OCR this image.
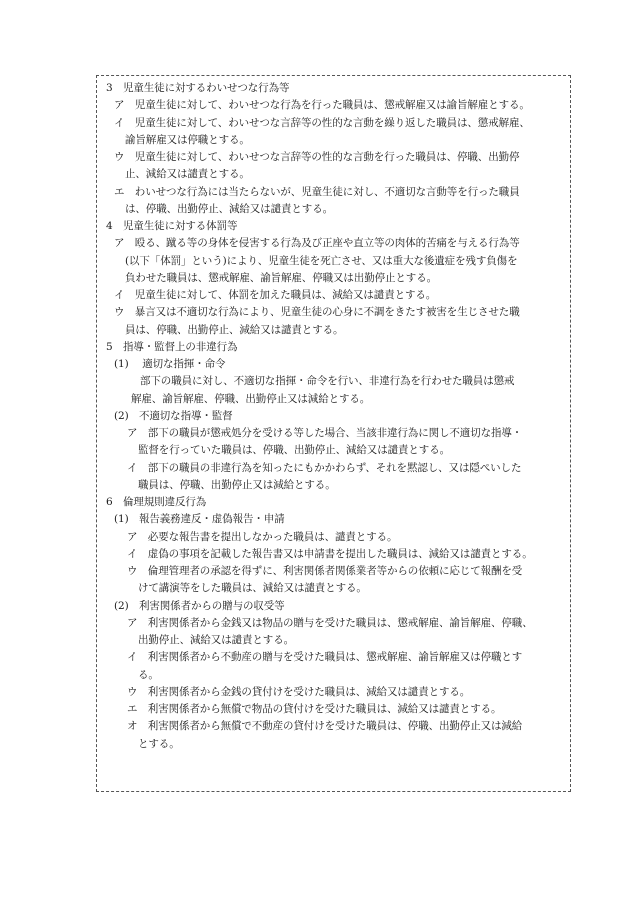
3　児童生徒に対するわいせつな行為等
ア　児童生徒に対して、わいせつな行為を行った職員は、懲戒解雇又は諭旨解雇とする。
イ　児童生徒に対して、わいせつな言辞等の性的な言動を繰り返した職員は、懲戒解雇、
諭旨解雇又は停職とする。
ウ　児童生徒に対して、わいせつな言辞等の性的な言動を行った職員は、停職、出勤停
止、減給又は譴責とする。
エ　わいせつな行為には当たらないが、児童生徒に対し、不適切な言動等を行った職員
は、停職、出勤停止、減給又は譴責とする。
4　児童生徒に対する体罰等
ア　殴る、蹴る等の身体を侵害する行為及び正座や直立等の肉体的苦痛を与える行為等
(以下「体罰」という)により、児童生徒を死亡させ、又は重大な後遺症を残す負傷を
負わせた職員は、懲戒解雇、諭旨解雇、停職又は出勤停止とする。
イ　児童生徒に対して、体罰を加えた職員は、減給又は譴責とする。
ウ　暴言又は不適切な行為により、児童生徒の心身に不調をきたす被害を生じさせた職
員は、停職、出勤停止、減給又は譴責とする。
5　指導・監督上の非違行為
(1)　 適切な指揮・命令
部下の職員に対し、不適切な指揮・命令を行い、非違行為を行わせた職員は懲戒
解雇、諭旨解雇、停職、出勤停止又は減給とする。
(2)　不適切な指導・監督
ア　部下の職員が懲戒処分を受ける等した場合、当該非違行為に関し不適切な指導・
監督を行っていた職員は、停職、出勤停止、減給又は譴責とする。
イ　部下の職員の非違行為を知ったにもかかわらず、それを黙認し、又は隠ぺいした
職員は、停職、出勤停止又は減給とする。
6　倫理規則違反行為
(1)　報告義務違反・虚偽報告・申請
ア　必要な報告書を提出しなかった職員は、譴責とする。
イ　虚偽の事項を記載した報告書又は申請書を提出した職員は、減給又は譴責とする。
ウ　倫理管理者の承認を得ずに、利害関係者関係業者等からの依頼に応じて報酬を受
けて講演等をした職員は、減給又は譴責とする。
(2)　利害関係者からの贈与の収受等
ア　利害関係者から金銭又は物品の贈与を受けた職員は、懲戒解雇、諭旨解雇、停職、
出勤停止、減給又は譴責とする。
イ　利害関係者から不動産の贈与を受けた職員は、懲戒解雇、諭旨解雇又は停職とす
る。
ウ　利害関係者から金銭の貸付けを受けた職員は、減給又は譴責とする。
エ　利害関係者から無償で物品の貸付けを受けた職員は、減給又は譴責とする。
オ　利害関係者から無償で不動産の貸付けを受けた職員は、停職、出勤停止又は減給
とする。
